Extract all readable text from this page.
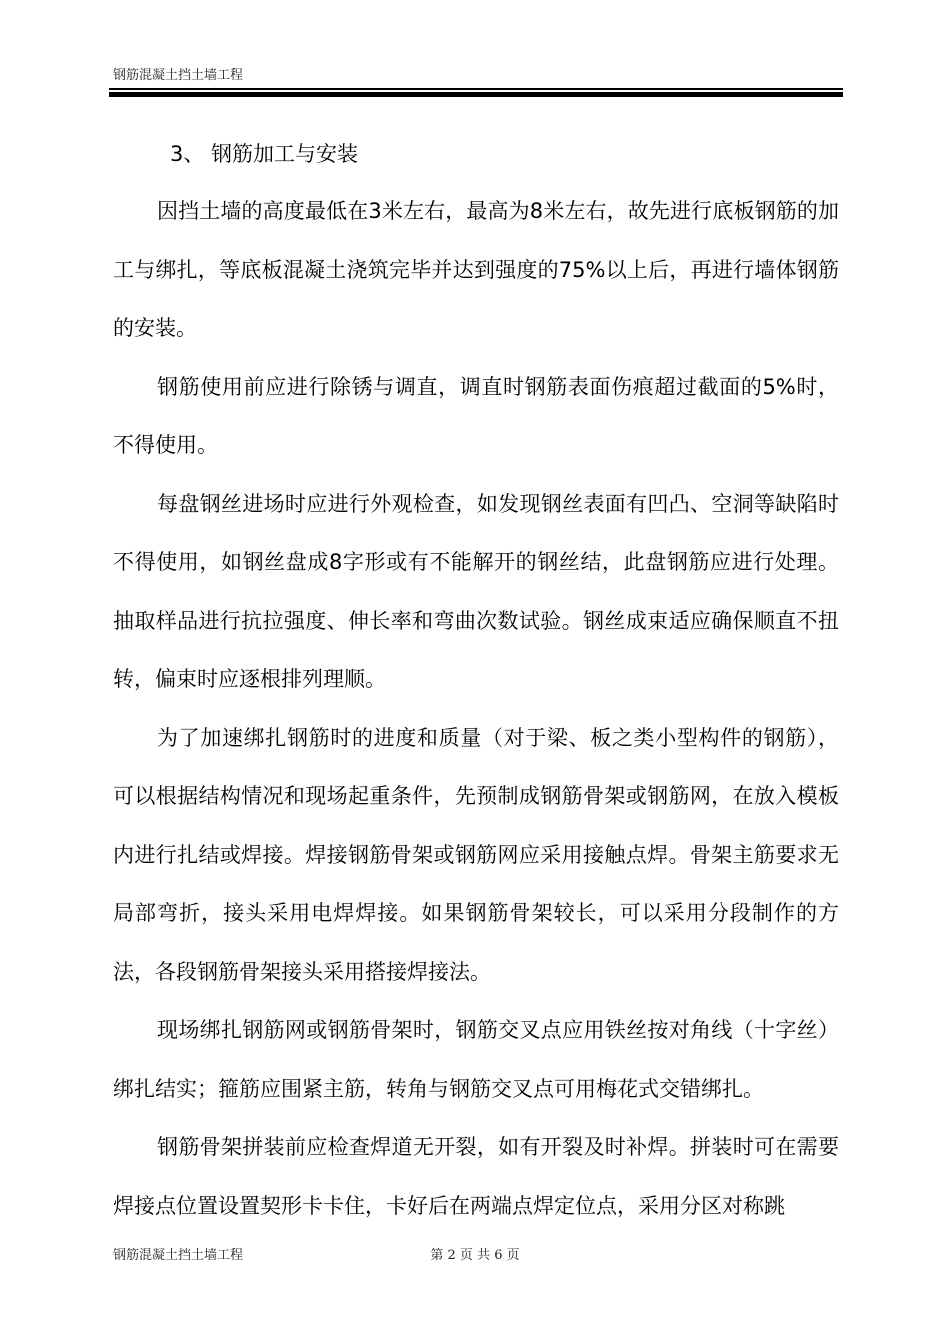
钢筋混凝土挡土墙工程

3、 钢筋加工与安装

因挡土墙的高度最低在3米左右，最高为8米左右，故先进行底板钢筋的加工与绑扎，等底板混凝土浇筑完毕并达到强度的75%以上后，再进行墙体钢筋的安装。

钢筋使用前应进行除锈与调直，调直时钢筋表面伤痕超过截面的5%时，不得使用。

每盘钢丝进场时应进行外观检查，如发现钢丝表面有凹凸、空洞等缺陷时不得使用，如钢丝盘成8字形或有不能解开的钢丝结，此盘钢筋应进行处理。抽取样品进行抗拉强度、伸长率和弯曲次数试验。钢丝成束适应确保顺直不扭转，偏束时应逐根排列理顺。

为了加速绑扎钢筋时的进度和质量（对于梁、板之类小型构件的钢筋），可以根据结构情况和现场起重条件，先预制成钢筋骨架或钢筋网，在放入模板内进行扎结或焊接。焊接钢筋骨架或钢筋网应采用接触点焊。骨架主筋要求无局部弯折，接头采用电焊焊接。如果钢筋骨架较长，可以采用分段制作的方法，各段钢筋骨架接头采用搭接焊接法。

现场绑扎钢筋网或钢筋骨架时，钢筋交叉点应用铁丝按对角线（十字丝）绑扎结实；箍筋应围紧主筋，转角与钢筋交叉点可用梅花式交错绑扎。

钢筋骨架拼装前应检查焊道无开裂，如有开裂及时补焊。拼装时可在需要焊接点位置设置契形卡卡住，卡好后在两端点焊定位点，采用分区对称跳

钢筋混凝土挡土墙工程	第 2 页 共 6 页
